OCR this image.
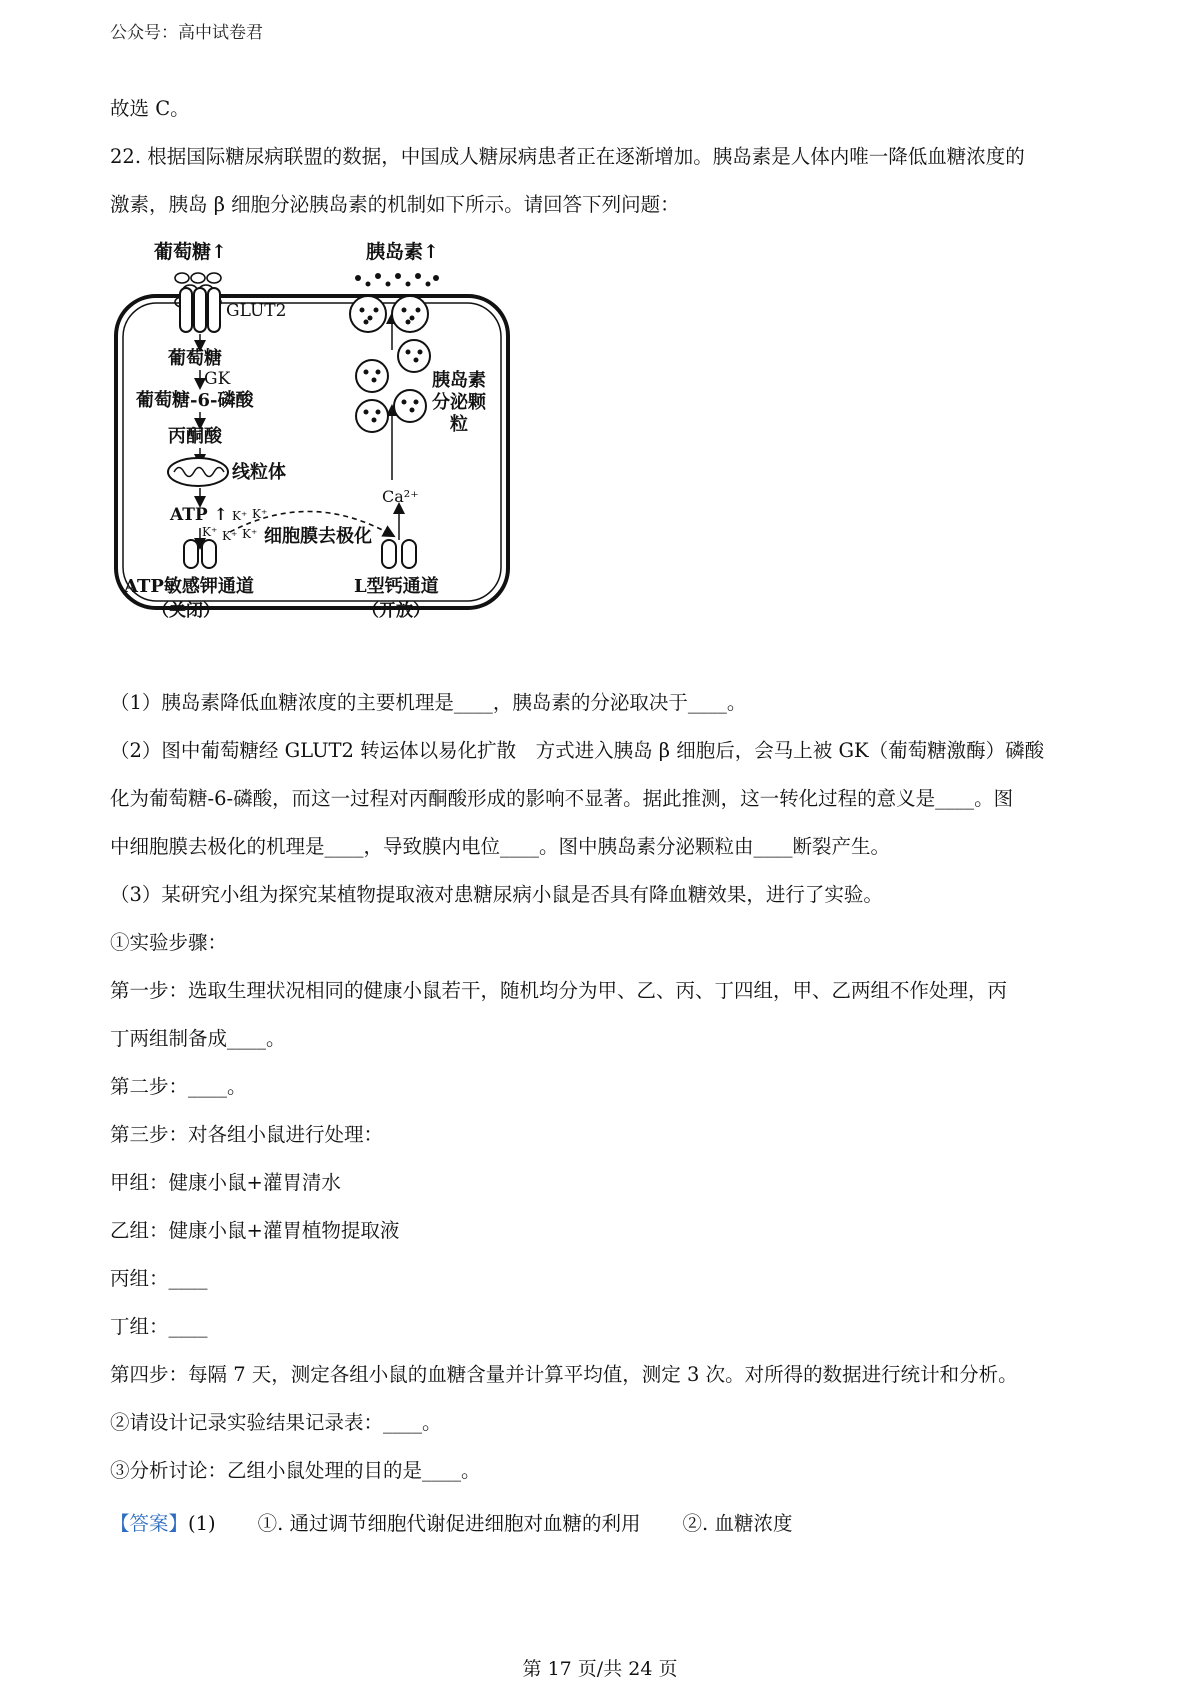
公众号：高中试卷君
故选 C。
22. 根据国际糖尿病联盟的数据，中国成人糖尿病患者正在逐渐增加。胰岛素是人体内唯一降低血糖浓度的
激素，胰岛 β 细胞分泌胰岛素的机制如下所示。请回答下列问题：
葡萄糖↑	胰岛素↑
GLUT2
葡萄糖
GK
葡萄糖-6-磷酸
丙酮酸
线粒体
ATP ↑ K⁺ K⁺
K⁺ K⁺ K⁺ 细胞膜去极化
Ca²⁺
胰岛素
分泌颗
粒
ATP敏感钾通道
（关闭）
L型钙通道
（开放）
（1）胰岛素降低血糖浓度的主要机理是____，胰岛素的分泌取决于____。
（2）图中葡萄糖经 GLUT2 转运体以易化扩散　方式进入胰岛 β 细胞后，会马上被 GK（葡萄糖激酶）磷酸
化为葡萄糖-6-磷酸，而这一过程对丙酮酸形成的影响不显著。据此推测，这一转化过程的意义是____。图
中细胞膜去极化的机理是____，导致膜内电位____。图中胰岛素分泌颗粒由____断裂产生。
（3）某研究小组为探究某植物提取液对患糖尿病小鼠是否具有降血糖效果，进行了实验。
①实验步骤：
第一步：选取生理状况相同的健康小鼠若干，随机均分为甲、乙、丙、丁四组，甲、乙两组不作处理，丙
丁两组制备成____。
第二步：____。
第三步：对各组小鼠进行处理：
甲组：健康小鼠+灌胃清水
乙组：健康小鼠+灌胃植物提取液
丙组：____
丁组：____
第四步：每隔 7 天，测定各组小鼠的血糖含量并计算平均值，测定 3 次。对所得的数据进行统计和分析。
②请设计记录实验结果记录表：____。
③分析讨论：乙组小鼠处理的目的是____。
【答案】(1) ①. 通过调节细胞代谢促进细胞对血糖的利用 ②. 血糖浓度
第 17 页/共 24 页
